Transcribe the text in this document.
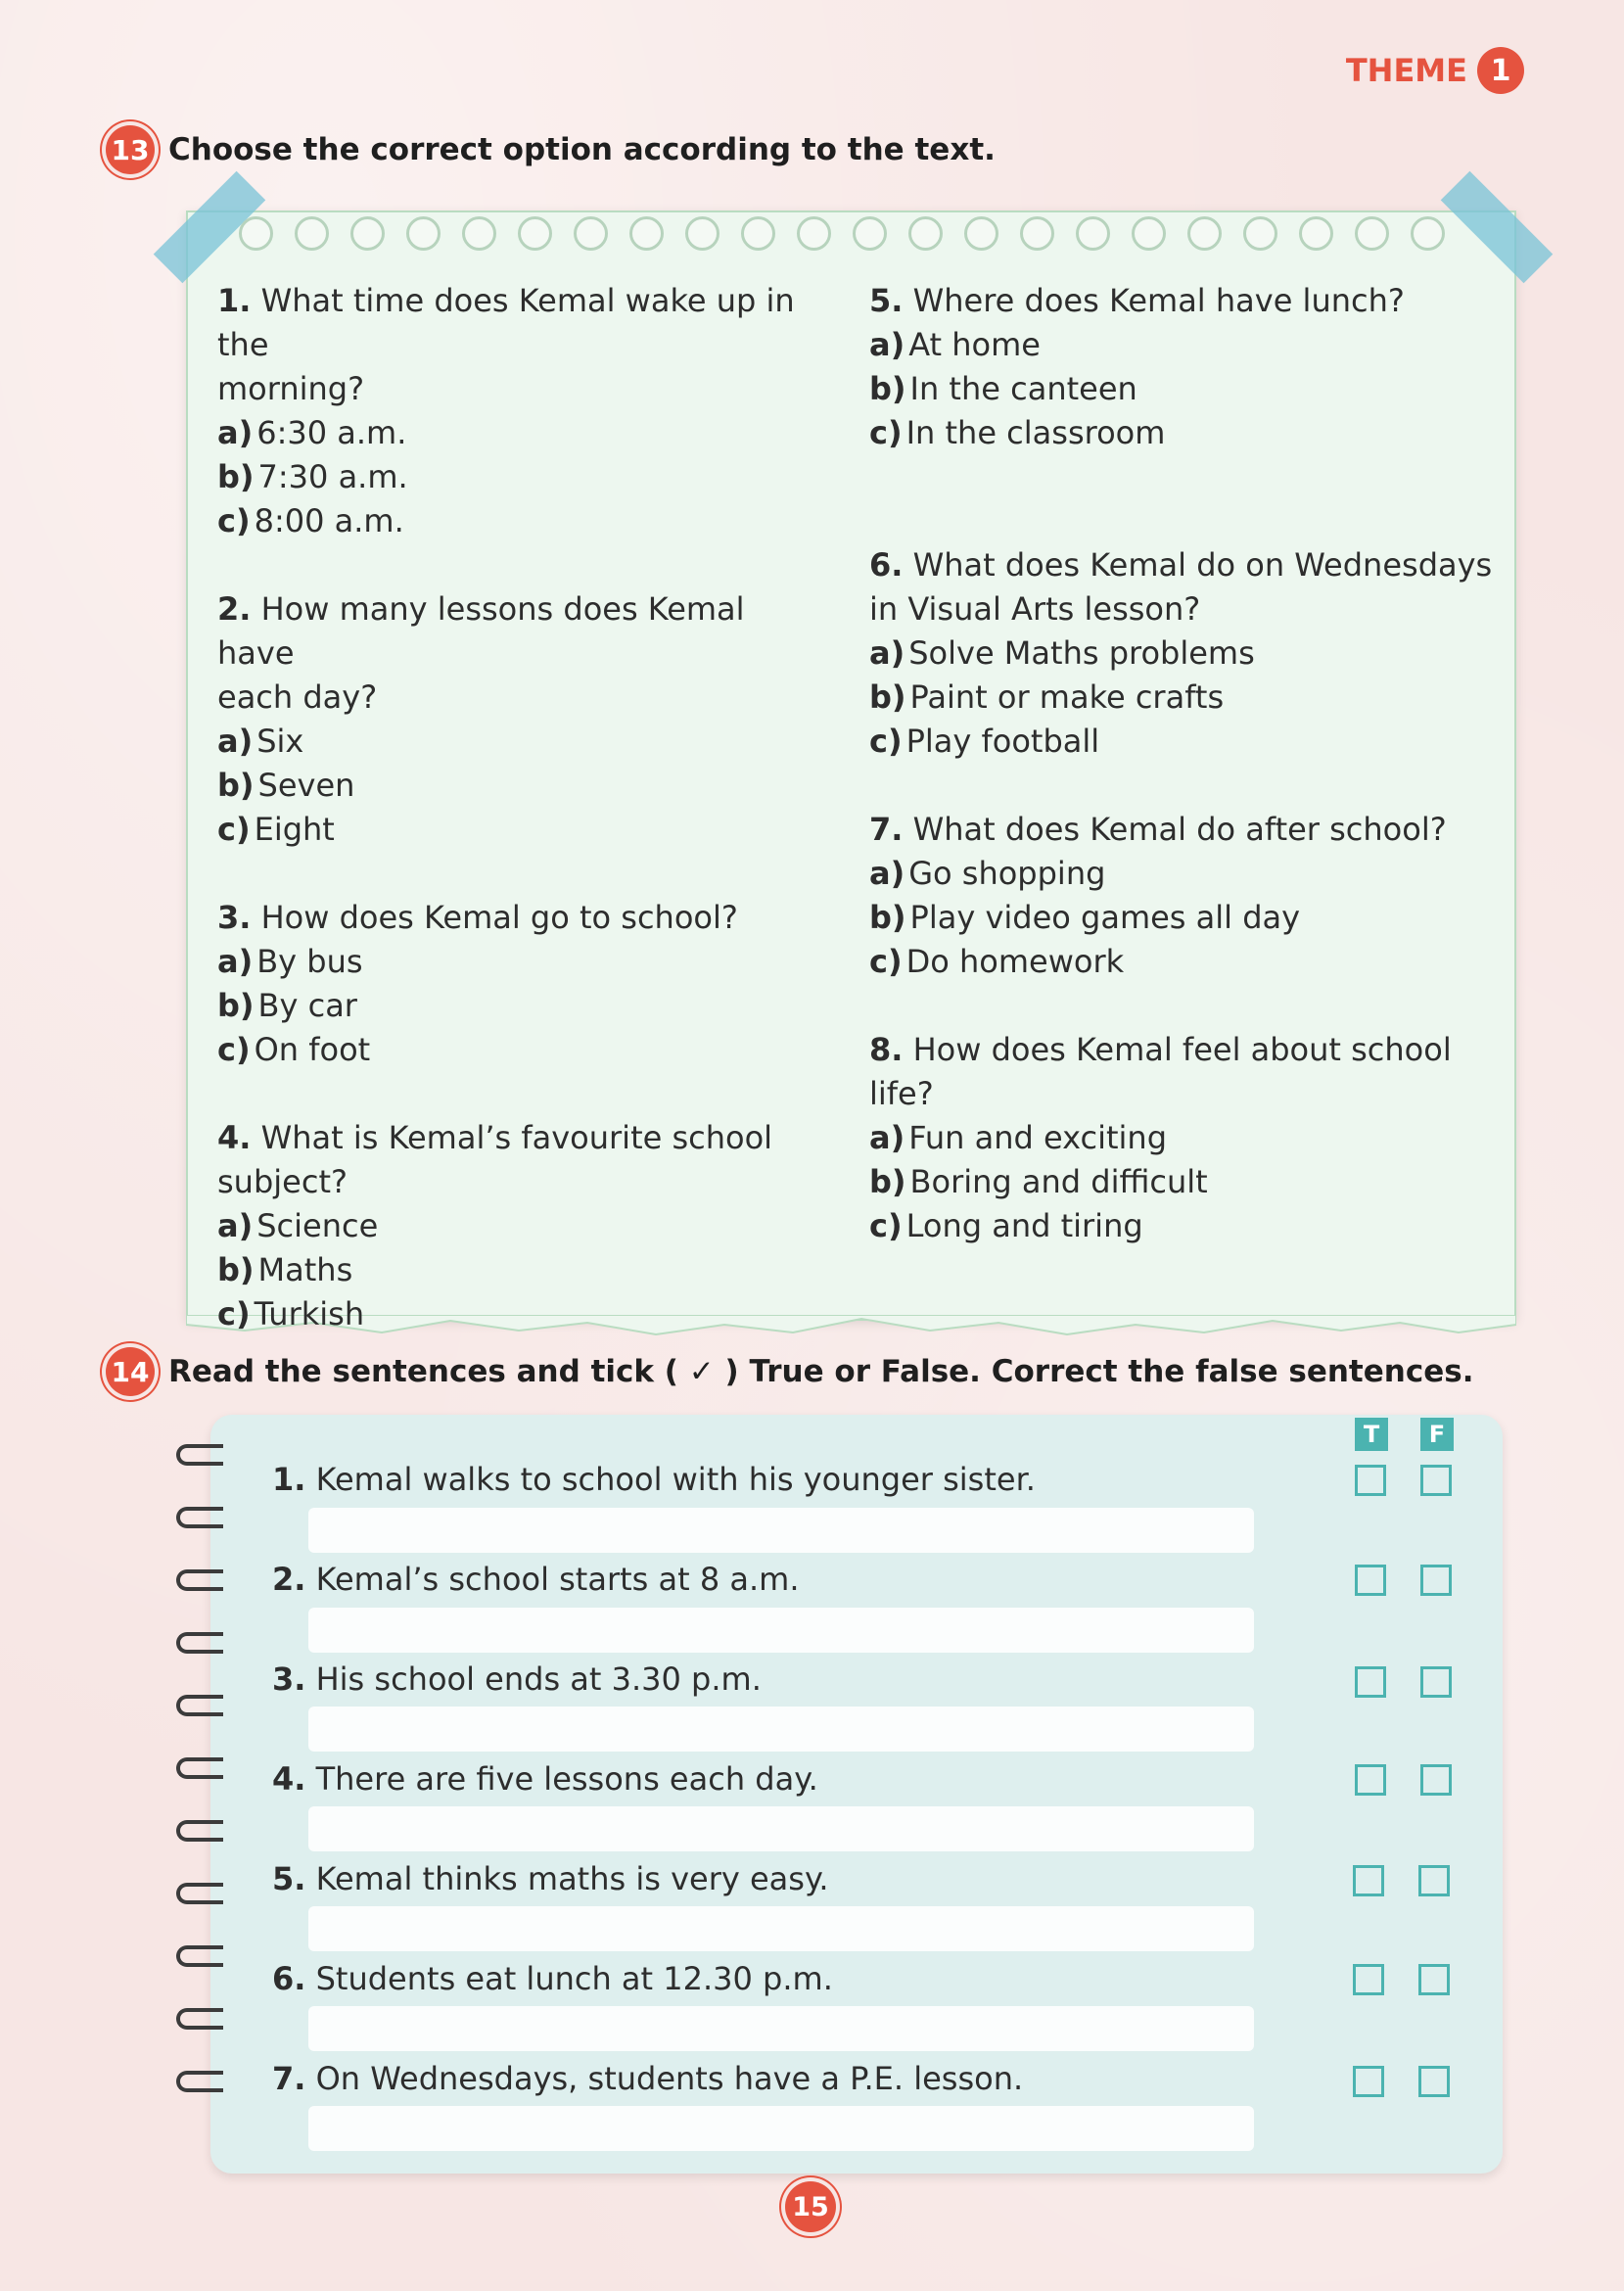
THEME 1
13 Choose the correct option according to the text.
1. What time does Kemal wake up in the
morning?
a) 6:30 a.m.
b) 7:30 a.m.
c) 8:00 a.m.
2. How many lessons does Kemal have
each day?
a) Six
b) Seven
c) Eight
3. How does Kemal go to school?
a) By bus
b) By car
c) On foot
4. What is Kemal’s favourite school
subject?
a) Science
b) Maths
c) Turkish
5. Where does Kemal have lunch?
a) At home
b) In the canteen
c) In the classroom
6. What does Kemal do on Wednesdays
in Visual Arts lesson?
a) Solve Maths problems
b) Paint or make crafts
c) Play football
7. What does Kemal do after school?
a) Go shopping
b) Play video games all day
c) Do homework
8. How does Kemal feel about school
life?
a) Fun and exciting
b) Boring and difficult
c) Long and tiring
14 Read the sentences and tick ( ✓ ) True or False. Correct the false sentences.
T	F
1. Kemal walks to school with his younger sister.
2. Kemal’s school starts at 8 a.m.
3. His school ends at 3.30 p.m.
4. There are five lessons each day.
5. Kemal thinks maths is very easy.
6. Students eat lunch at 12.30 p.m.
7. On Wednesdays, students have a P.E. lesson.
15
